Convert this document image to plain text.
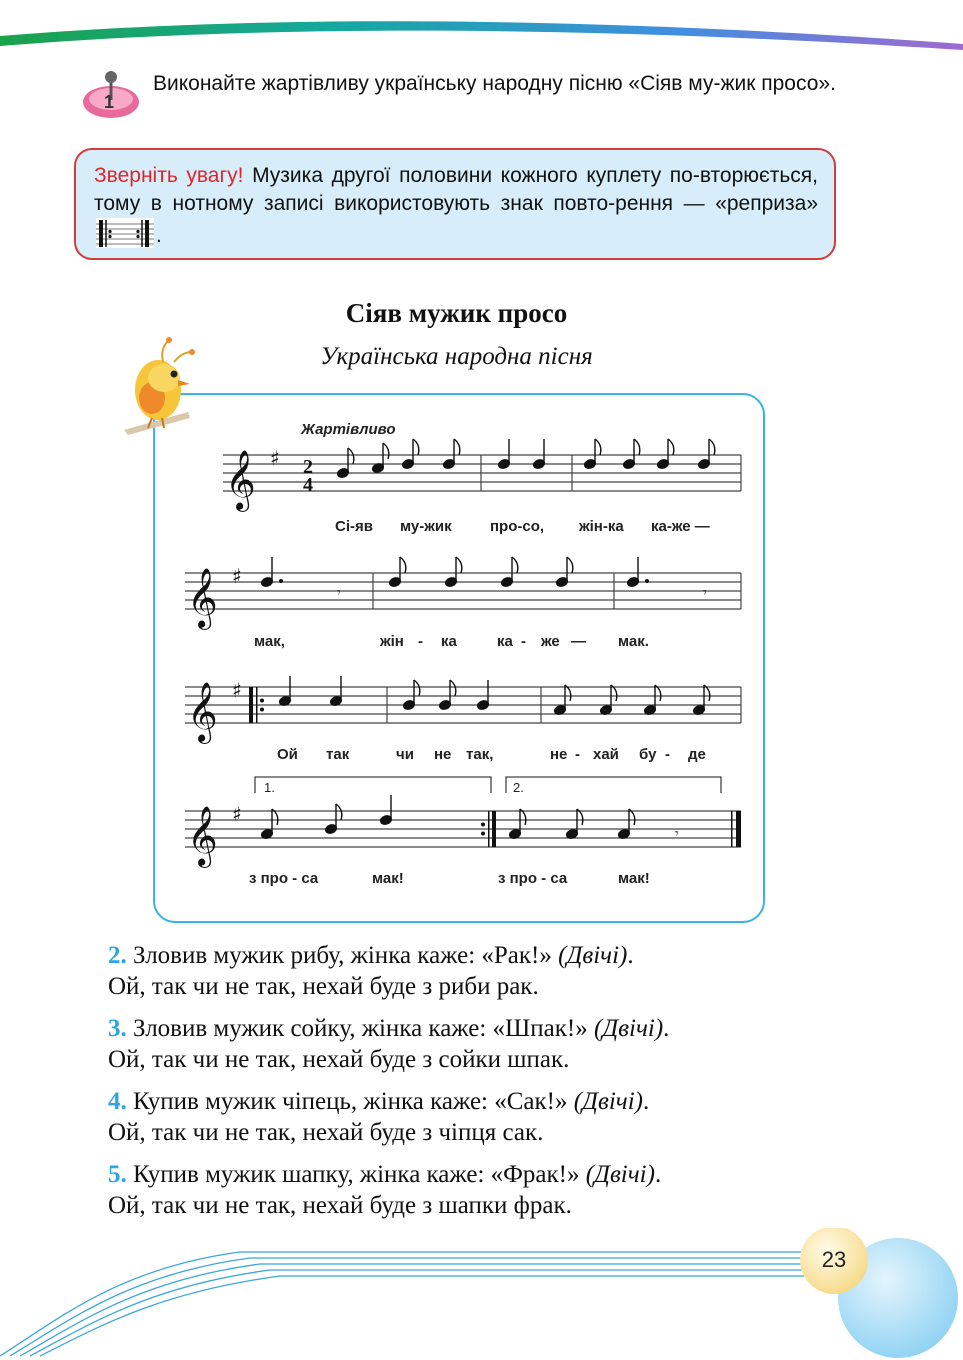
1
Виконайте жартівливу українську народну пісню «Сіяв му-жик просо».
Зверніть увагу! Музика другої половини кожного куплету по-вторюється, тому в нотному записі використовують знак повто-рення — «реприза» .
Сіяв мужик просо
Українська народна пісня
Жартівливо
𝄞 ♯ 2
4
Сі-яв му-жик	про-со, жін-ка ка-же —
𝄞 ♯
𝄾	𝄾
мак,	жін - ка	ка - же — мак.
𝄞 ♯
Ой так	чи не так,	не - хай бу - де
1.	2.
𝄞 ♯
𝄾
з про - са	мак!	з про - са	мак!
2. Зловив мужик рибу, жінка каже: «Рак!» (Двічі).
Ой, так чи не так, нехай буде з риби рак.
3. Зловив мужик сойку, жінка каже: «Шпак!» (Двічі).
Ой, так чи не так, нехай буде з сойки шпак.
4. Купив мужик чіпець, жінка каже: «Сак!» (Двічі).
Ой, так чи не так, нехай буде з чіпця сак.
5. Купив мужик шапку, жінка каже: «Фрак!» (Двічі).
Ой, так чи не так, нехай буде з шапки фрак.
23
